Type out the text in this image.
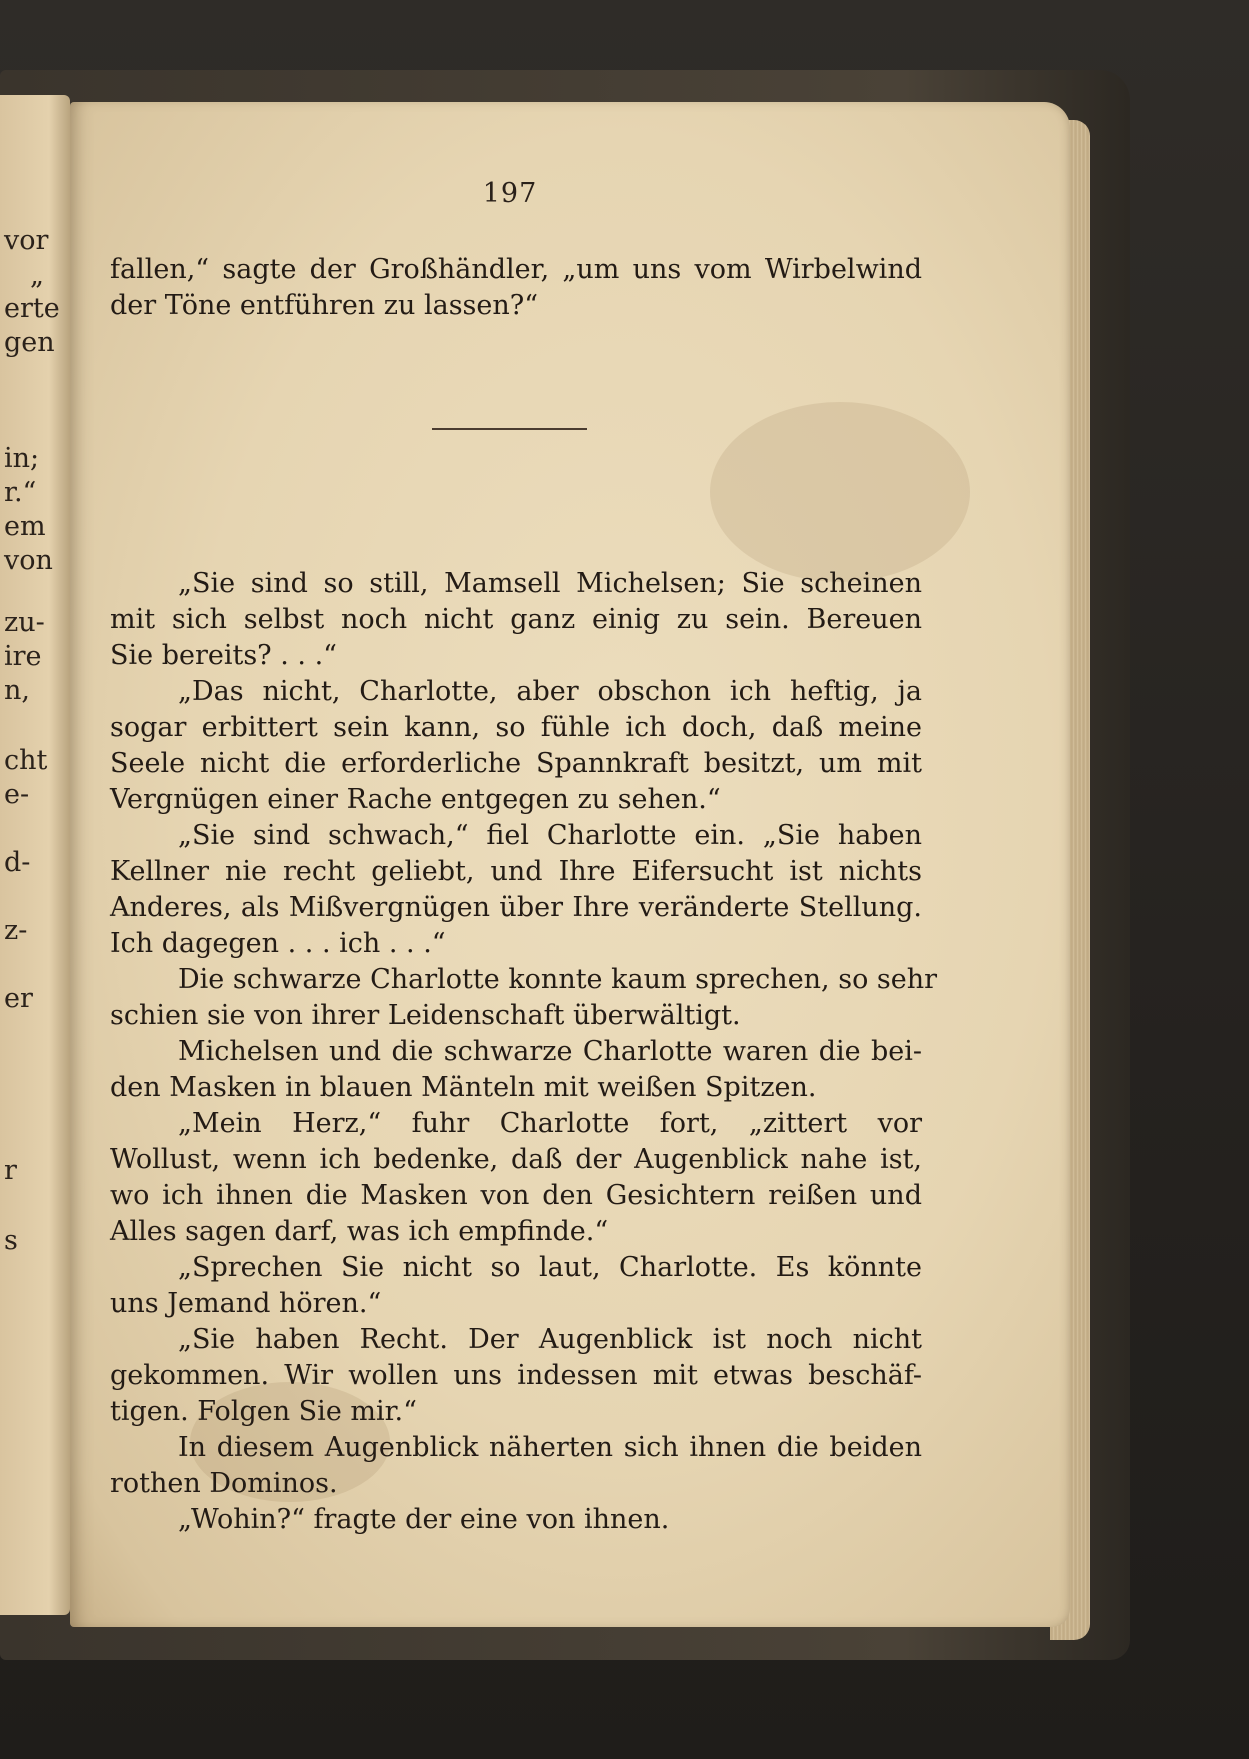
vor
„
erte
gen
in;
r.“
em
von
zu-
ire
n,
cht
e-
d-
z-
er
r
s
197
fallen,“ sagte der Großhändler, „um uns vom Wirbelwind
der Töne entführen zu lassen?“
„Sie sind so still, Mamsell Michelsen; Sie scheinen
mit sich selbst noch nicht ganz einig zu sein. Bereuen
Sie bereits? . . .“
„Das nicht, Charlotte, aber obschon ich heftig, ja
sogar erbittert sein kann, so fühle ich doch, daß meine
Seele nicht die erforderliche Spannkraft besitzt, um mit
Vergnügen einer Rache entgegen zu sehen.“
„Sie sind schwach,“ fiel Charlotte ein. „Sie haben
Kellner nie recht geliebt, und Ihre Eifersucht ist nichts
Anderes, als Mißvergnügen über Ihre veränderte Stellung.
Ich dagegen . . . ich . . .“
Die schwarze Charlotte konnte kaum sprechen, so sehr
schien sie von ihrer Leidenschaft überwältigt.
Michelsen und die schwarze Charlotte waren die bei-
den Masken in blauen Mänteln mit weißen Spitzen.
„Mein Herz,“ fuhr Charlotte fort, „zittert vor
Wollust, wenn ich bedenke, daß der Augenblick nahe ist,
wo ich ihnen die Masken von den Gesichtern reißen und
Alles sagen darf, was ich empfinde.“
„Sprechen Sie nicht so laut, Charlotte. Es könnte
uns Jemand hören.“
„Sie haben Recht. Der Augenblick ist noch nicht
gekommen. Wir wollen uns indessen mit etwas beschäf-
tigen. Folgen Sie mir.“
In diesem Augenblick näherten sich ihnen die beiden
rothen Dominos.
„Wohin?“ fragte der eine von ihnen.
